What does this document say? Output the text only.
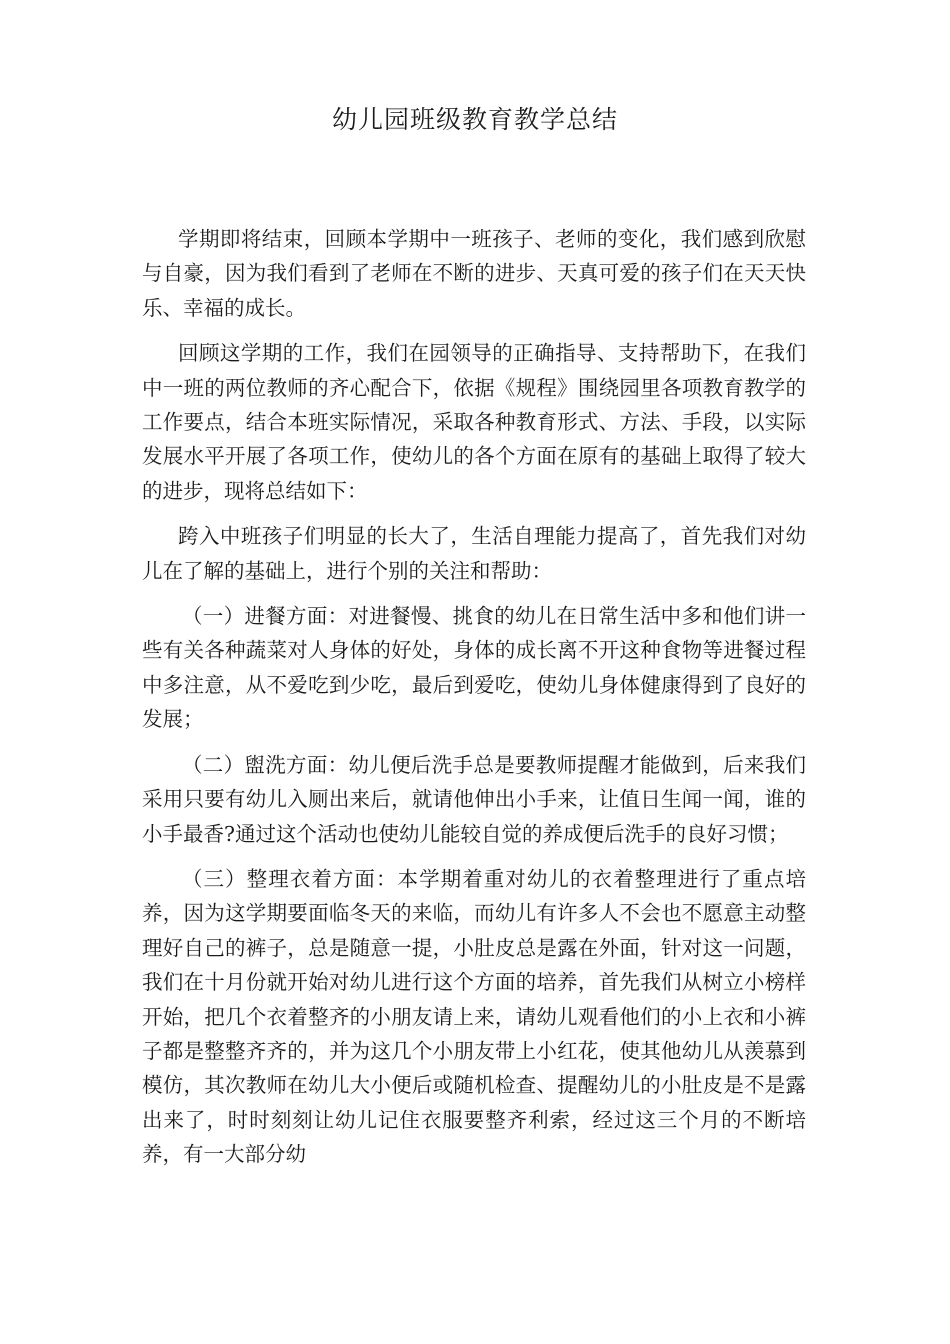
幼儿园班级教育教学总结

学期即将结束，回顾本学期中一班孩子、老师的变化，我们感到欣慰与自豪，因为我们看到了老师在不断的进步、天真可爱的孩子们在天天快乐、幸福的成长。

回顾这学期的工作，我们在园领导的正确指导、支持帮助下，在我们中一班的两位教师的齐心配合下，依据《规程》围绕园里各项教育教学的工作要点，结合本班实际情况，采取各种教育形式、方法、手段，以实际发展水平开展了各项工作，使幼儿的各个方面在原有的基础上取得了较大的进步，现将总结如下：

跨入中班孩子们明显的长大了，生活自理能力提高了，首先我们对幼儿在了解的基础上，进行个别的关注和帮助：

（一）进餐方面：对进餐慢、挑食的幼儿在日常生活中多和他们讲一些有关各种蔬菜对人身体的好处，身体的成长离不开这种食物等进餐过程中多注意，从不爱吃到少吃，最后到爱吃，使幼儿身体健康得到了良好的发展；

（二）盥洗方面：幼儿便后洗手总是要教师提醒才能做到，后来我们采用只要有幼儿入厕出来后，就请他伸出小手来，让值日生闻一闻，谁的小手最香?通过这个活动也使幼儿能较自觉的养成便后洗手的良好习惯；

（三）整理衣着方面：本学期着重对幼儿的衣着整理进行了重点培养，因为这学期要面临冬天的来临，而幼儿有许多人不会也不愿意主动整理好自己的裤子，总是随意一提，小肚皮总是露在外面，针对这一问题，我们在十月份就开始对幼儿进行这个方面的培养，首先我们从树立小榜样开始，把几个衣着整齐的小朋友请上来，请幼儿观看他们的小上衣和小裤子都是整整齐齐的，并为这几个小朋友带上小红花，使其他幼儿从羡慕到模仿，其次教师在幼儿大小便后或随机检查、提醒幼儿的小肚皮是不是露出来了，时时刻刻让幼儿记住衣服要整齐利索，经过这三个月的不断培养，有一大部分幼
